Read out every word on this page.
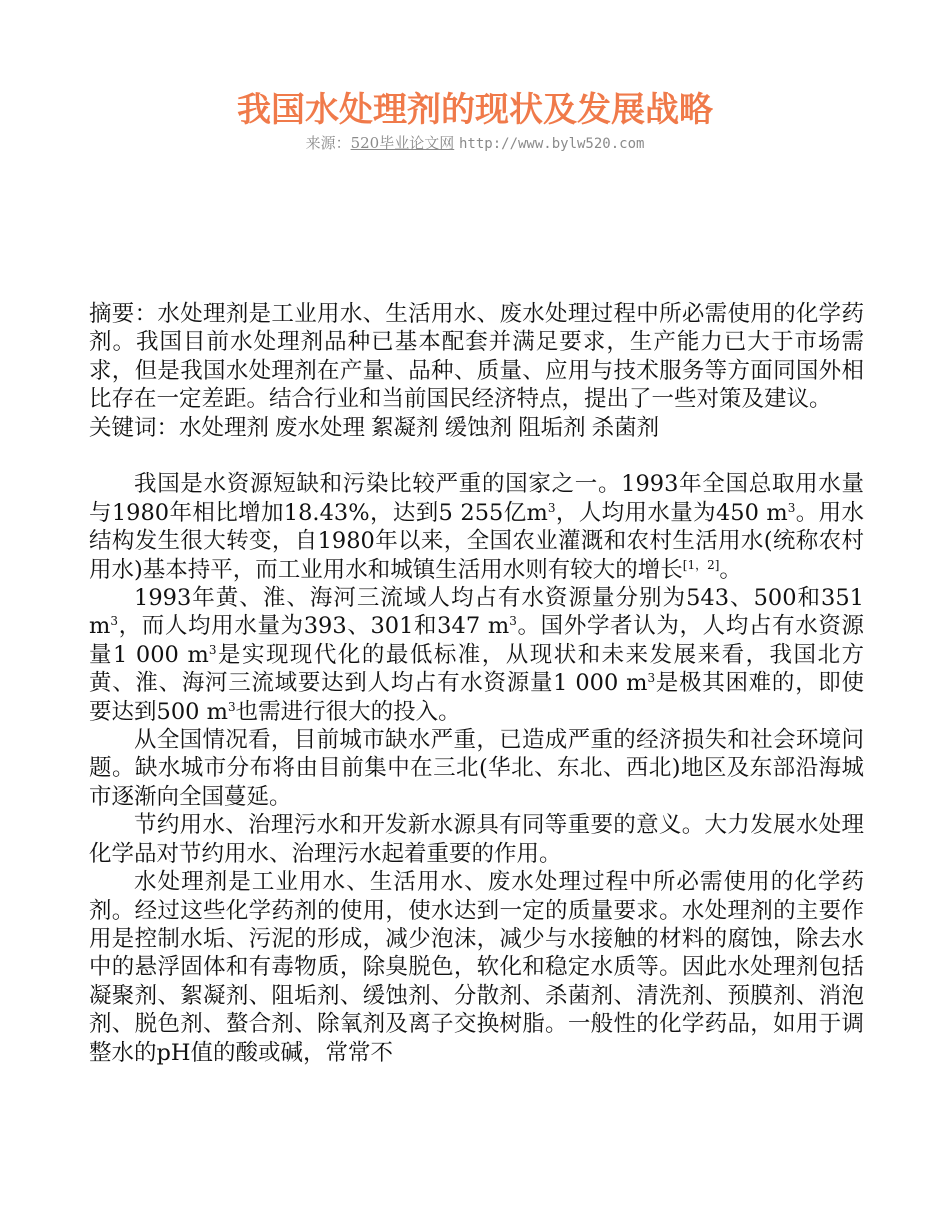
我国水处理剂的现状及发展战略
来源：520毕业论文网 http://www.bylw520.com

摘要：水处理剂是工业用水、生活用水、废水处理过程中所必需使用的化学药剂。我国目前水处理剂品种已基本配套并满足要求，生产能力已大于市场需求，但是我国水处理剂在产量、品种、质量、应用与技术服务等方面同国外相比存在一定差距。结合行业和当前国民经济特点，提出了一些对策及建议。

关键词：水处理剂 废水处理 絮凝剂 缓蚀剂 阻垢剂 杀菌剂

我国是水资源短缺和污染比较严重的国家之一。1993年全国总取用水量与1980年相比增加18.43%，达到5 255亿$m^3$，人均用水量为450 $m^3$。用水结构发生很大转变，自1980年以来，全国农业灌溉和农村生活用水(统称农村用水)基本持平，而工业用水和城镇生活用水则有较大的增长[1，2]。

1993年黄、淮、海河三流域人均占有水资源量分别为543、500和351 $m^3$，而人均用水量为393、301和347 $m^3$。国外学者认为，人均占有水资源量1 000 $m^3$是实现现代化的最低标准，从现状和未来发展来看，我国北方黄、淮、海河三流域要达到人均占有水资源量1 000 $m^3$是极其困难的，即使要达到500 $m^3$也需进行很大的投入。

从全国情况看，目前城市缺水严重，已造成严重的经济损失和社会环境问题。缺水城市分布将由目前集中在三北(华北、东北、西北)地区及东部沿海城市逐渐向全国蔓延。

节约用水、治理污水和开发新水源具有同等重要的意义。大力发展水处理化学品对节约用水、治理污水起着重要的作用。

水处理剂是工业用水、生活用水、废水处理过程中所必需使用的化学药剂。经过这些化学药剂的使用，使水达到一定的质量要求。水处理剂的主要作用是控制水垢、污泥的形成，减少泡沫，减少与水接触的材料的腐蚀，除去水中的悬浮固体和有毒物质，除臭脱色，软化和稳定水质等。因此水处理剂包括凝聚剂、絮凝剂、阻垢剂、缓蚀剂、分散剂、杀菌剂、清洗剂、预膜剂、消泡剂、脱色剂、螯合剂、除氧剂及离子交换树脂。一般性的化学药品，如用于调整水的pH值的酸或碱，常常不
